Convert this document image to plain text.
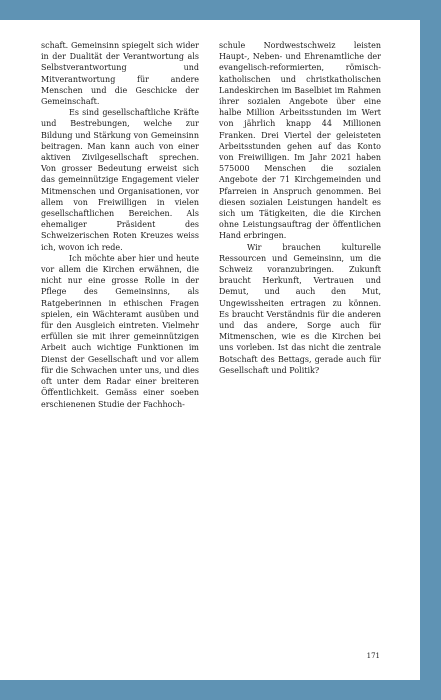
schaft. Gemeinsinn spiegelt sich wider in der Dualität der Verantwortung als Selbstverantwortung und Mitverantwortung für andere Menschen und die Geschicke der Gemeinschaft.

Es sind gesellschaftliche Kräfte und Bestrebungen, welche zur Bildung und Stärkung von Gemeinsinn beitragen. Man kann auch von einer aktiven Zivilgesellschaft sprechen. Von grosser Bedeutung erweist sich das gemeinnützige Engagement vieler Mitmenschen und Organisationen, vor allem von Freiwilligen in vielen gesellschaftlichen Bereichen. Als ehemaliger Präsident des Schweizerischen Roten Kreuzes weiss ich, wovon ich rede.

Ich möchte aber hier und heute vor allem die Kirchen erwähnen, die nicht nur eine grosse Rolle in der Pflege des Gemeinsinns, als Ratgeberinnen in ethischen Fragen spielen, ein Wächteramt ausüben und für den Ausgleich eintreten. Vielmehr erfüllen sie mit ihrer gemeinnützigen Arbeit auch wichtige Funktionen im Dienst der Gesellschaft und vor allem für die Schwachen unter uns, und dies oft unter dem Radar einer breiteren Öffentlichkeit. Gemäss einer soeben erschienenen Studie der Fachhoch-

schule Nordwestschweiz leisten Haupt-, Neben- und Ehrenamtliche der evangelisch-reformierten, römisch-katholischen und christkatholischen Landeskirchen im Baselbiet im Rahmen ihrer sozialen Angebote über eine halbe Million Arbeitsstunden im Wert von jährlich knapp 44 Millionen Franken. Drei Viertel der geleisteten Arbeitsstunden gehen auf das Konto von Freiwilligen. Im Jahr 2021 haben 575000 Menschen die sozialen Angebote der 71 Kirchgemeinden und Pfarreien in Anspruch genommen. Bei diesen sozialen Leistungen handelt es sich um Tätigkeiten, die die Kirchen ohne Leistungsauftrag der öffentlichen Hand erbringen.

Wir brauchen kulturelle Ressourcen und Gemeinsinn, um die Schweiz voranzubringen. Zukunft braucht Herkunft, Vertrauen und Demut, und auch den Mut, Ungewissheiten ertragen zu können. Es braucht Verständnis für die anderen und das andere, Sorge auch für Mitmenschen, wie es die Kirchen bei uns vorleben. Ist das nicht die zentrale Botschaft des Bettags, gerade auch für Gesellschaft und Politik?

171
